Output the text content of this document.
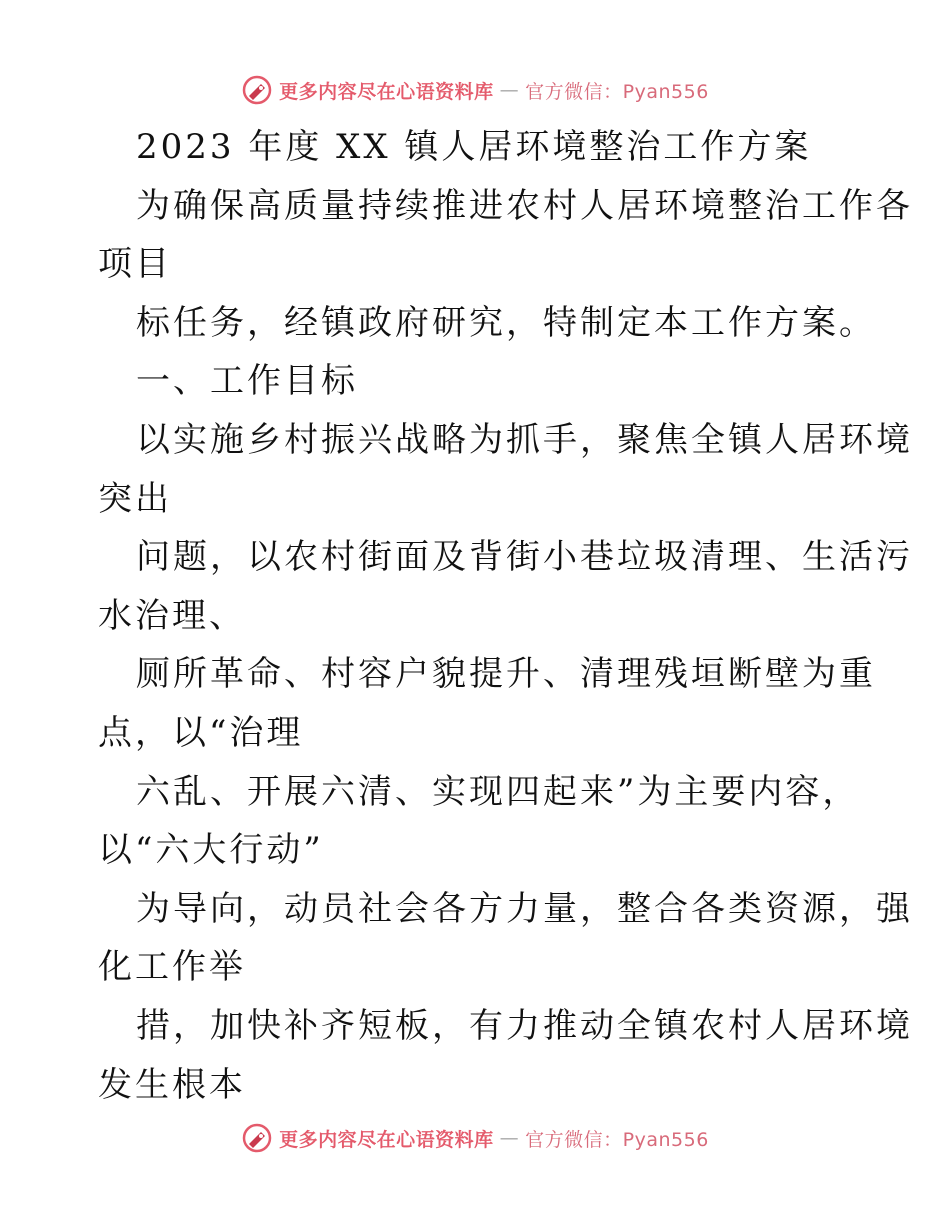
更多内容尽在心语资料库 — 官方微信：Pyan556
2023 年度 XX 镇人居环境整治工作方案
为确保高质量持续推进农村人居环境整治工作各
项目
标任务，经镇政府研究，特制定本工作方案。
一、工作目标
以实施乡村振兴战略为抓手，聚焦全镇人居环境
突出
问题，以农村街面及背街小巷垃圾清理、生活污
水治理、
厕所革命、村容户貌提升、清理残垣断壁为重
点，以“治理
六乱、开展六清、实现四起来”为主要内容，
以“六大行动”
为导向，动员社会各方力量，整合各类资源，强
化工作举
措，加快补齐短板，有力推动全镇农村人居环境
发生根本
更多内容尽在心语资料库 — 官方微信：Pyan556
